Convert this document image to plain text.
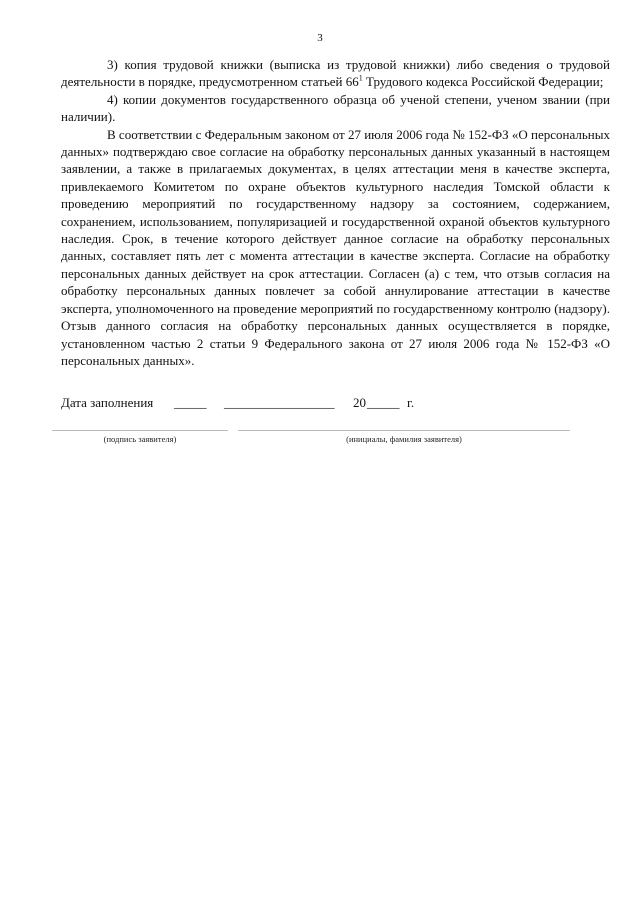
3

3) копия трудовой книжки (выписка из трудовой книжки) либо сведения о трудовой деятельности в порядке, предусмотренном статьей $66^1$ Трудового кодекса Российской Федерации;

4) копии документов государственного образца об ученой степени, ученом звании (при наличии).

В соответствии с Федеральным законом от 27 июля 2006 года № 152-ФЗ «О персональных данных» подтверждаю свое согласие на обработку персональных данных указанный в настоящем заявлении, а также в прилагаемых документах, в целях аттестации меня в качестве эксперта, привлекаемого Комитетом по охране объектов культурного наследия Томской области к проведению мероприятий по государственному надзору за состоянием, содержанием, сохранением, использованием, популяризацией и государственной охраной объектов культурного наследия. Срок, в течение которого действует данное согласие на обработку персональных данных, составляет пять лет с момента аттестации в качестве эксперта. Согласие на обработку персональных данных действует на срок аттестации. Согласен (а) с тем, что отзыв согласия на обработку персональных данных повлечет за собой аннулирование аттестации в качестве эксперта, уполномоченного на проведение мероприятий по государственному контролю (надзору). Отзыв данного согласия на обработку персональных данных осуществляется в порядке, установленном частью 2 статьи 9 Федерального закона от 27 июля 2006 года № 152-ФЗ «О персональных данных».

Дата заполнения _____ _________________ 20 _____ г.
(подпись заявителя)	(инициалы, фамилия заявителя)
